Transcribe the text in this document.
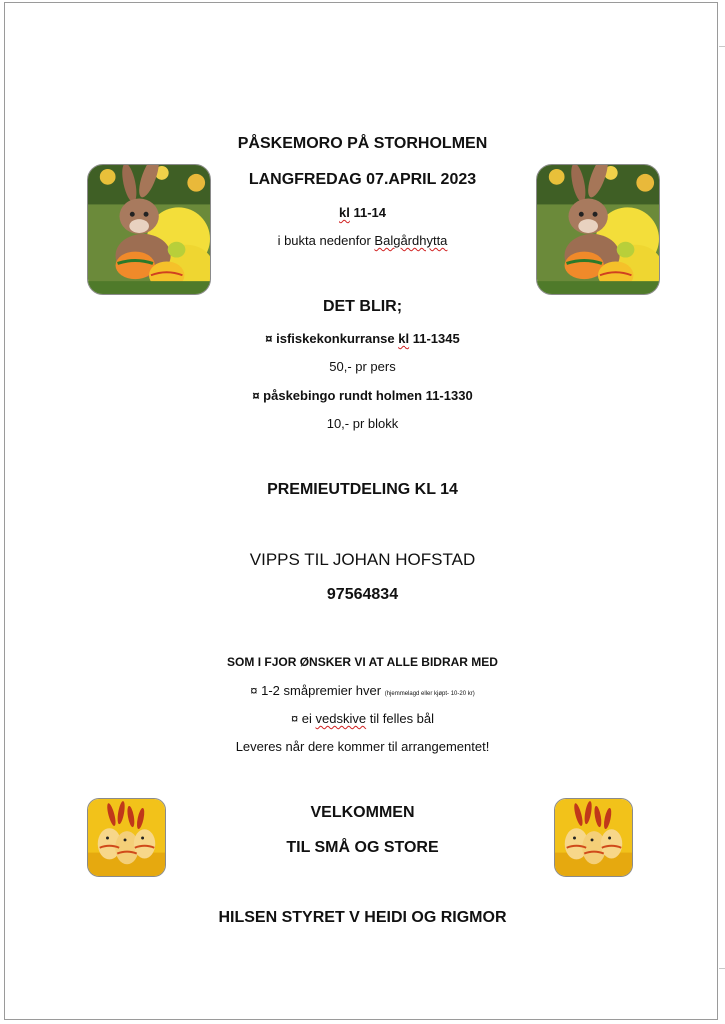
PÅSKEMORO PÅ STORHOLMEN
LANGFREDAG 07.APRIL 2023
kl 11-14
i bukta nedenfor Balgårdhytta
DET BLIR;
¤ isfiskekonkurranse kl 11-1345
50,- pr pers
¤ påskebingo rundt holmen 11-1330
10,- pr blokk
PREMIEUTDELING KL 14
VIPPS TIL JOHAN HOFSTAD
97564834
SOM I FJOR ØNSKER VI AT ALLE BIDRAR MED
¤ 1-2 småpremier hver (hjemmelagd eller kjøpt- 10-20 kr)
¤ ei vedskive til felles bål
Leveres når dere kommer til arrangementet!
VELKOMMEN
TIL SMÅ OG STORE
HILSEN STYRET V HEIDI OG RIGMOR
